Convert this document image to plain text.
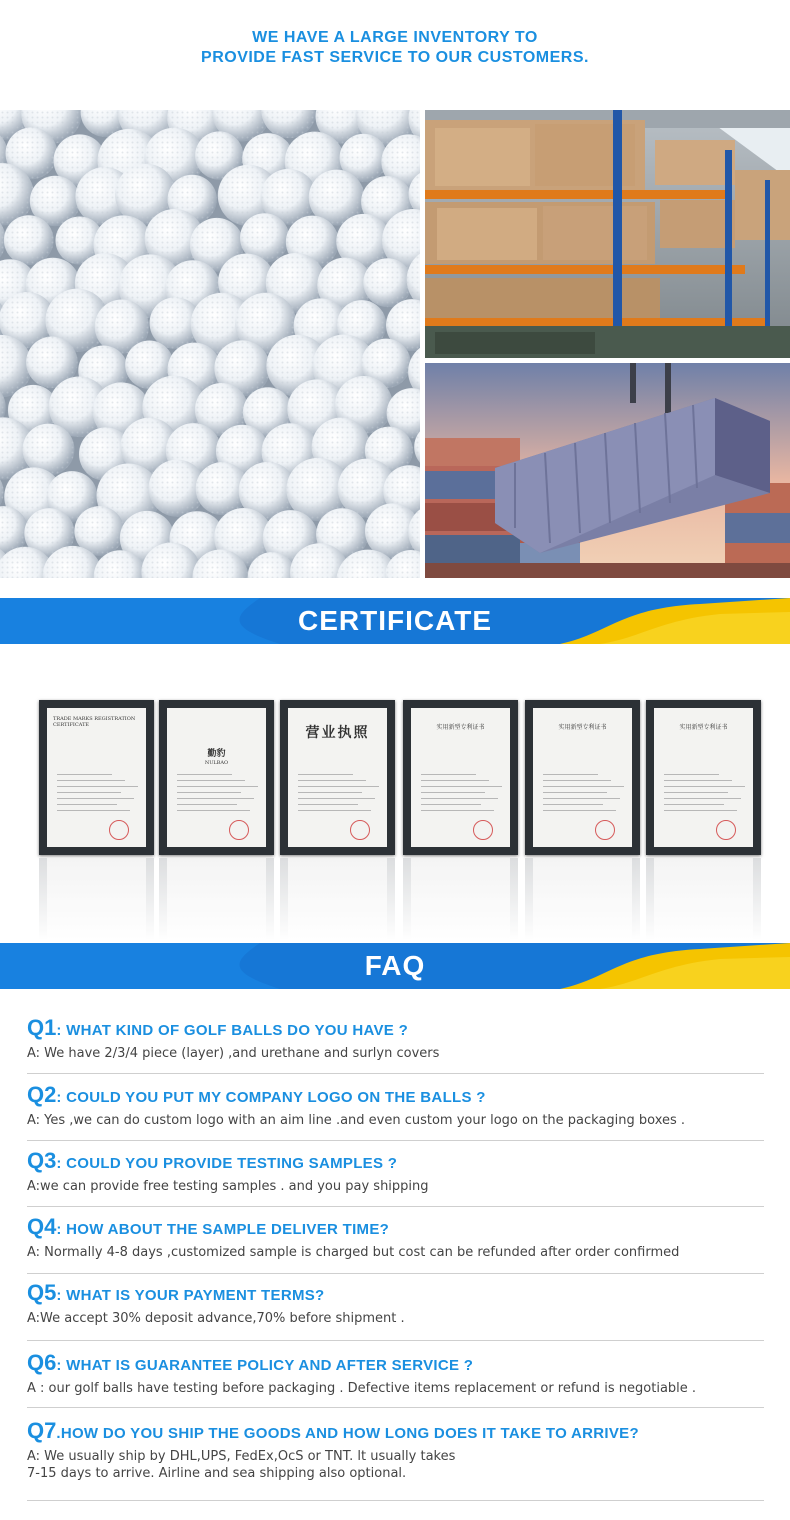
WE HAVE A LARGE INVENTORY TO
PROVIDE FAST SERVICE TO OUR CUSTOMERS.
CERTIFICATE
TRADE MARKS REGISTRATION CERTIFICATE
勤豹
NULBAO
营业执照	实用新型专利证书	实用新型专利证书	实用新型专利证书
FAQ
Q1: WHAT KIND OF GOLF BALLS DO YOU HAVE ?
A: We have 2/3/4 piece (layer) ,and urethane and surlyn covers
Q2: COULD YOU PUT MY COMPANY LOGO ON THE BALLS ?
A: Yes ,we can do custom logo with an aim line .and even custom your logo on the packaging boxes .
Q3: COULD YOU PROVIDE TESTING SAMPLES ?
A:we can provide free testing samples . and you pay shipping
Q4: HOW ABOUT THE SAMPLE DELIVER TIME?
A: Normally 4-8 days ,customized sample is charged but cost can be refunded after order confirmed
Q5: WHAT IS YOUR PAYMENT TERMS?
A:We accept 30% deposit advance,70% before shipment .
Q6: WHAT IS GUARANTEE POLICY AND AFTER SERVICE ?
A : our golf balls have testing before packaging . Defective items replacement or refund is negotiable .
Q7.HOW DO YOU SHIP THE GOODS AND HOW LONG DOES IT TAKE TO ARRIVE?
A: We usually ship by DHL,UPS, FedEx,OcS or TNT. lt usually takes
7-15 days to arrive. Airline and sea shipping also optional.
